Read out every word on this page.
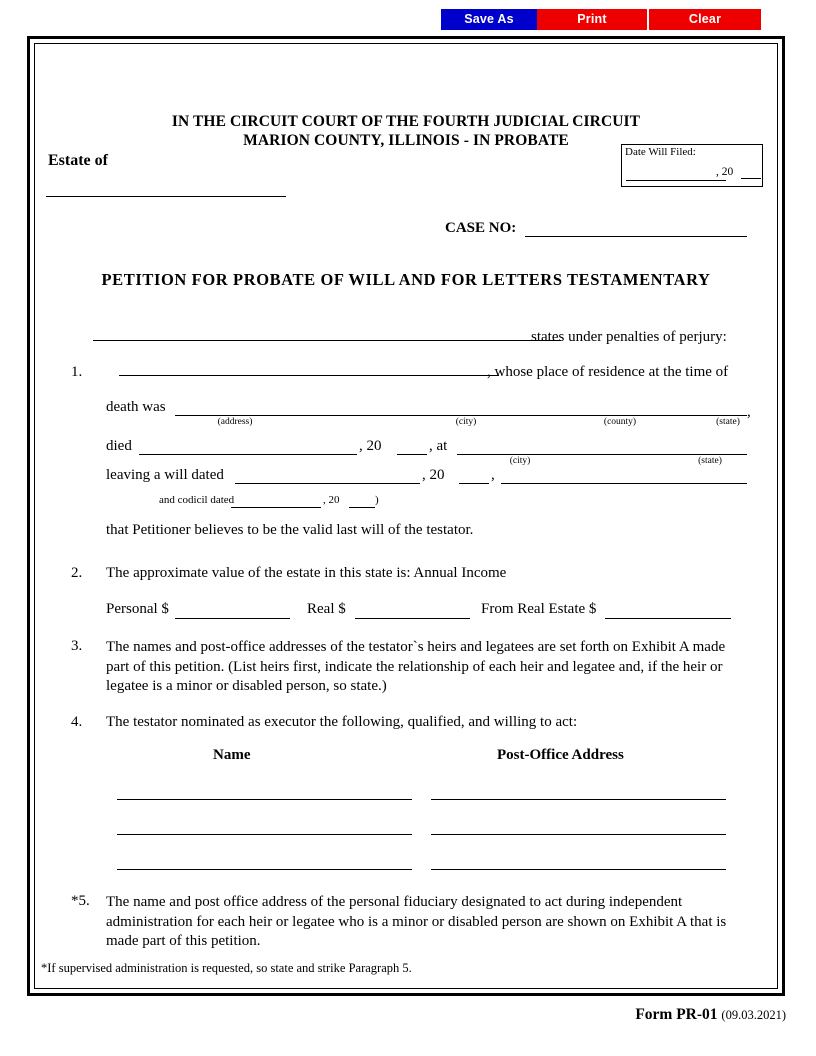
Save As	Print	Clear
IN THE CIRCUIT COURT OF THE FOURTH JUDICIAL CIRCUIT
MARION COUNTY, ILLINOIS - IN PROBATE
Estate of	Date Will Filed:
, 20
CASE NO:
PETITION FOR PROBATE OF WILL AND FOR LETTERS TESTAMENTARY
states under penalties of perjury:
1.	, whose place of residence at the time of
death was	,
(address)	(city)	(county)	(state)
died	, 20	, at
(city)	(state)
leaving a will dated	, 20	,
and codicil dated	, 20	)
that Petitioner believes to be the valid last will of the testator.
2. The approximate value of the estate in this state is: Annual Income
Personal $	Real $	From Real Estate $
3. The names and post-office addresses of the testator`s heirs and legatees are set forth on Exhibit A made part of this petition. (List heirs first, indicate the relationship of each heir and legatee and, if the heir or legatee is a minor or disabled person, so state.)
4. The testator nominated as executor the following, qualified, and willing to act:
Name	Post-Office Address
*5. The name and post office address of the personal fiduciary designated to act during independent administration for each heir or legatee who is a minor or disabled person are shown on Exhibit A that is made part of this petition.
*If supervised administration is requested, so state and strike Paragraph 5.
Form PR-01 (09.03.2021)
